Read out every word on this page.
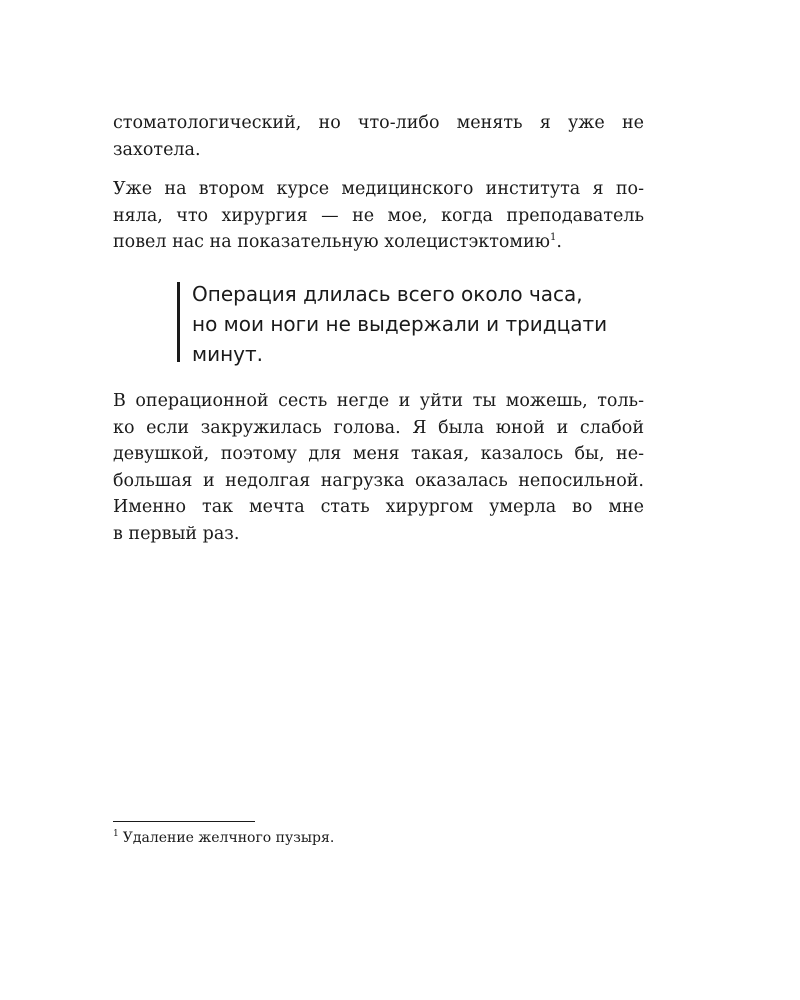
стоматологический, но что-либо менять я уже не
захотела.

Уже на втором курсе медицинского института я по-
няла, что хирургия — не мое, когда преподаватель
повел нас на показательную холецистэктомию$^1$.

Операция длилась всего около часа,
но мои ноги не выдержали и тридцати
минут.

В операционной сесть негде и уйти ты можешь, толь-
ко если закружилась голова. Я была юной и слабой
девушкой, поэтому для меня такая, казалось бы, не-
большая и недолгая нагрузка оказалась непосильной.
Именно так мечта стать хирургом умерла во мне
в первый раз.

$^1$ Удаление желчного пузыря.
